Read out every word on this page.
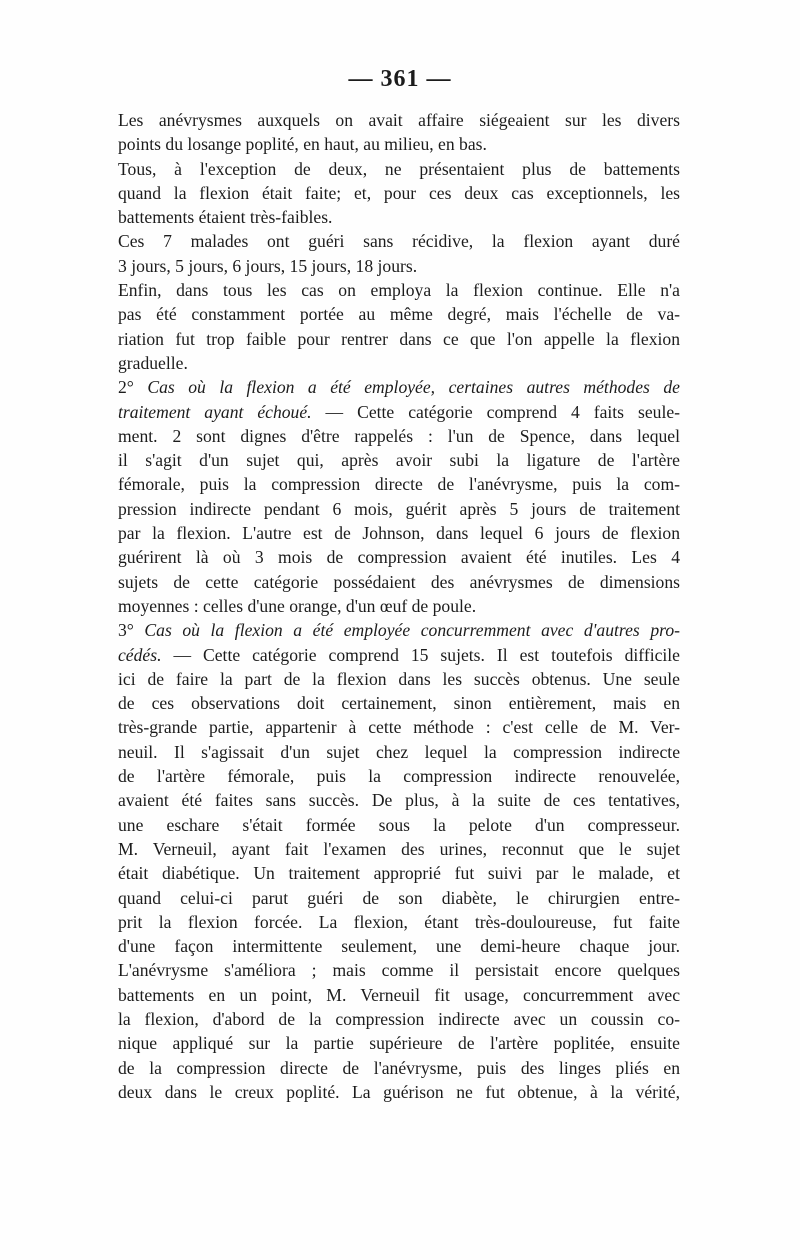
— 361 —
Les anévrysmes auxquels on avait affaire siégeaient sur les divers
points du losange poplité, en haut, au milieu, en bas.
Tous, à l'exception de deux, ne présentaient plus de battements
quand la flexion était faite; et, pour ces deux cas exceptionnels, les
battements étaient très-faibles.
Ces 7 malades ont guéri sans récidive, la flexion ayant duré
3 jours, 5 jours, 6 jours, 15 jours, 18 jours.
Enfin, dans tous les cas on employa la flexion continue. Elle n'a
pas été constamment portée au même degré, mais l'échelle de va-
riation fut trop faible pour rentrer dans ce que l'on appelle la flexion
graduelle.
2° Cas où la flexion a été employée, certaines autres méthodes de
traitement ayant échoué. — Cette catégorie comprend 4 faits seule-
ment. 2 sont dignes d'être rappelés : l'un de Spence, dans lequel
il s'agit d'un sujet qui, après avoir subi la ligature de l'artère
fémorale, puis la compression directe de l'anévrysme, puis la com-
pression indirecte pendant 6 mois, guérit après 5 jours de traitement
par la flexion. L'autre est de Johnson, dans lequel 6 jours de flexion
guérirent là où 3 mois de compression avaient été inutiles. Les 4
sujets de cette catégorie possédaient des anévrysmes de dimensions
moyennes : celles d'une orange, d'un œuf de poule.
3° Cas où la flexion a été employée concurremment avec d'autres pro-
cédés. — Cette catégorie comprend 15 sujets. Il est toutefois difficile
ici de faire la part de la flexion dans les succès obtenus. Une seule
de ces observations doit certainement, sinon entièrement, mais en
très-grande partie, appartenir à cette méthode : c'est celle de M. Ver-
neuil. Il s'agissait d'un sujet chez lequel la compression indirecte
de l'artère fémorale, puis la compression indirecte renouvelée,
avaient été faites sans succès. De plus, à la suite de ces tentatives,
une eschare s'était formée sous la pelote d'un compresseur.
M. Verneuil, ayant fait l'examen des urines, reconnut que le sujet
était diabétique. Un traitement approprié fut suivi par le malade, et
quand celui-ci parut guéri de son diabète, le chirurgien entre-
prit la flexion forcée. La flexion, étant très-douloureuse, fut faite
d'une façon intermittente seulement, une demi-heure chaque jour.
L'anévrysme s'améliora ; mais comme il persistait encore quelques
battements en un point, M. Verneuil fit usage, concurremment avec
la flexion, d'abord de la compression indirecte avec un coussin co-
nique appliqué sur la partie supérieure de l'artère poplitée, ensuite
de la compression directe de l'anévrysme, puis des linges pliés en
deux dans le creux poplité. La guérison ne fut obtenue, à la vérité,
